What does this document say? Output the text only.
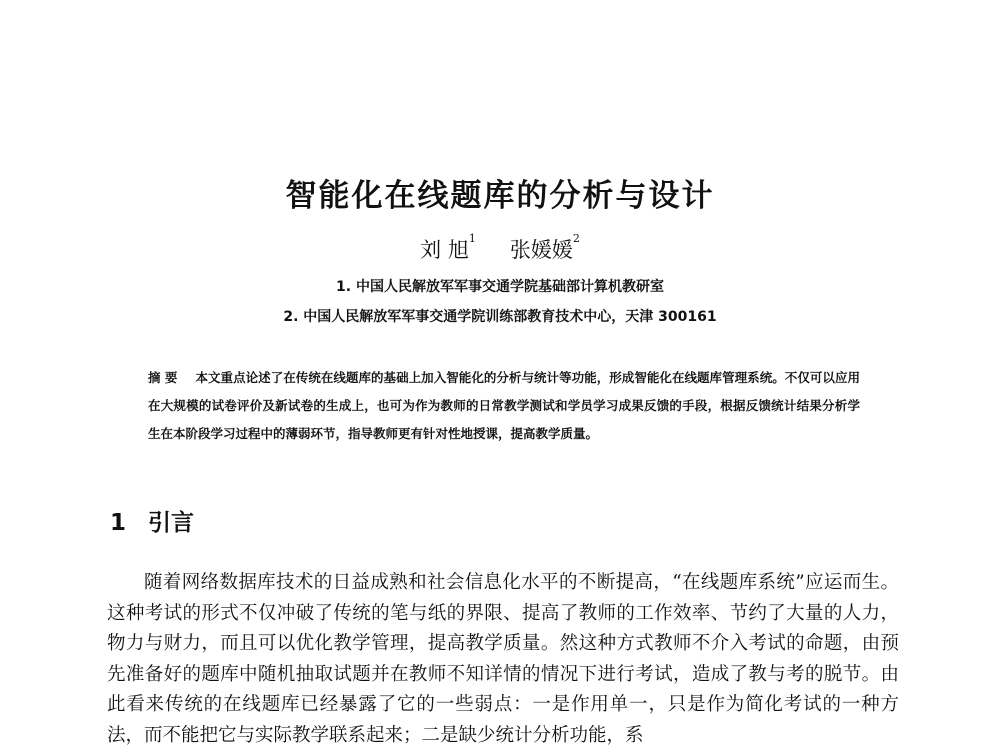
智能化在线题库的分析与设计
刘 旭$^1$ 张媛媛$^2$
1. 中国人民解放军军事交通学院基础部计算机教研室
2. 中国人民解放军军事交通学院训练部教育技术中心，天津 300161
摘 要 本文重点论述了在传统在线题库的基础上加入智能化的分析与统计等功能，形成智能化在线题库管理系统。不仅可以应用在大规模的试卷评价及新试卷的生成上，也可为作为教师的日常教学测试和学员学习成果反馈的手段，根据反馈统计结果分析学生在本阶段学习过程中的薄弱环节，指导教师更有针对性地授课，提高教学质量。
1 引言

随着网络数据库技术的日益成熟和社会信息化水平的不断提高，“在线题库系统”应运而生。这种考试的形式不仅冲破了传统的笔与纸的界限、提高了教师的工作效率、节约了大量的人力，物力与财力，而且可以优化教学管理，提高教学质量。然这种方式教师不介入考试的命题，由预先准备好的题库中随机抽取试题并在教师不知详情的情况下进行考试，造成了教与考的脱节。由此看来传统的在线题库已经暴露了它的一些弱点：一是作用单一，只是作为简化考试的一种方法，而不能把它与实际教学联系起来；二是缺少统计分析功能，系
